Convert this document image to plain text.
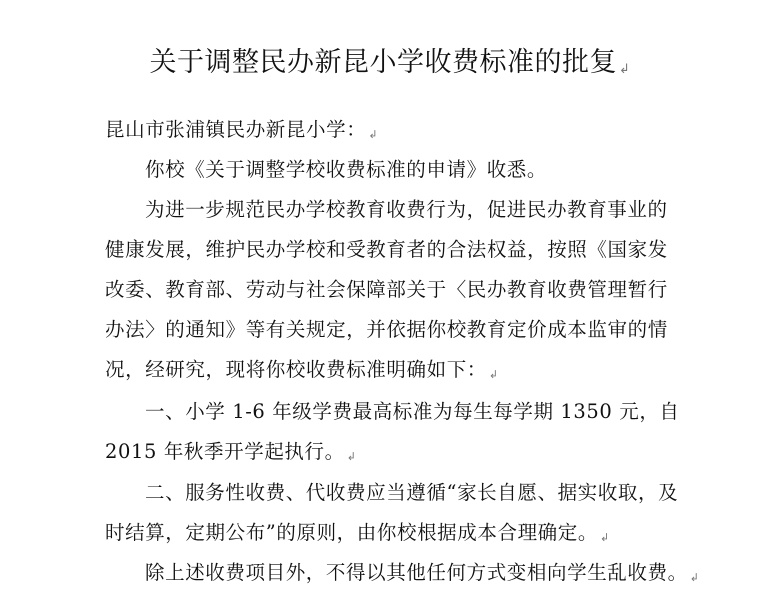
关于调整民办新昆小学收费标准的批复 ↲
昆山市张浦镇民办新昆小学： ↲
你校《关于调整学校收费标准的申请》收悉。
为进一步规范民办学校教育收费行为，促进民办教育事业的
健康发展，维护民办学校和受教育者的合法权益，按照《国家发
改委、教育部、劳动与社会保障部关于〈民办教育收费管理暂行
办法〉的通知》等有关规定，并依据你校教育定价成本监审的情
况，经研究，现将你校收费标准明确如下： ↲
一、小学 1-6 年级学费最高标准为每生每学期 1350 元，自
2015 年秋季开学起执行。 ↲
二、服务性收费、代收费应当遵循“家长自愿、据实收取，及
时结算，定期公布”的原则，由你校根据成本合理确定。 ↲
除上述收费项目外，不得以其他任何方式变相向学生乱收费。 ↲
